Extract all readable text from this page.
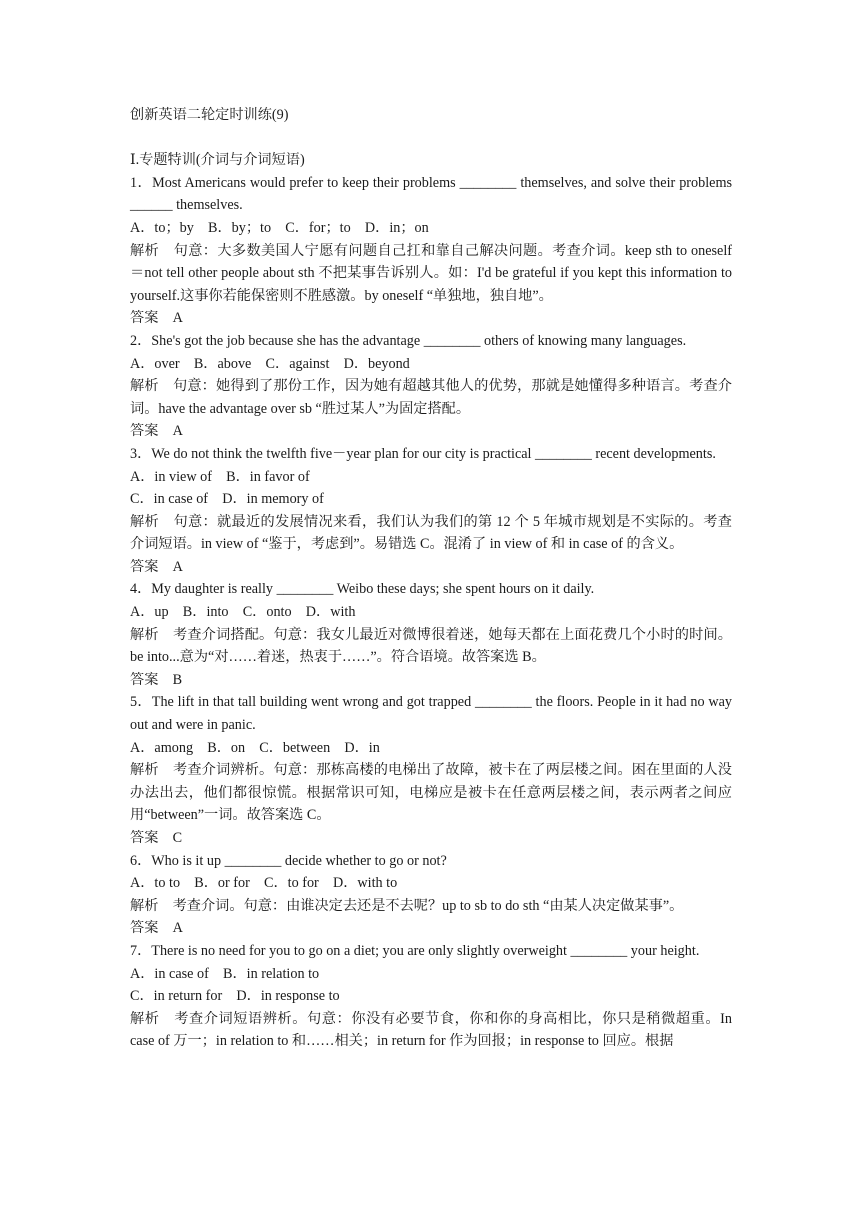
创新英语二轮定时训练(9)

Ⅰ.专题特训(介词与介词短语)

1．Most Americans would prefer to keep their problems ________ themselves, and solve their problems ______ themselves.

A．to；by　B．by；to　C．for；to　D．in；on

解析　句意：大多数美国人宁愿有问题自己扛和靠自己解决问题。考查介词。keep sth to oneself＝not tell other people about sth 不把某事告诉别人。如：I'd be grateful if you kept this information to yourself.这事你若能保密则不胜感激。by oneself “单独地，独自地”。

答案　A

2．She's got the job because she has the advantage ________ others of knowing many languages.

A．over　B．above　C．against　D．beyond

解析　句意：她得到了那份工作，因为她有超越其他人的优势，那就是她懂得多种语言。考查介词。have the advantage over sb “胜过某人”为固定搭配。

答案　A

3．We do not think the twelfth five－year plan for our city is practical ________ recent developments.

A．in view of　B．in favor of

C．in case of　D．in memory of

解析　句意：就最近的发展情况来看，我们认为我们的第 12 个 5 年城市规划是不实际的。考查介词短语。in view of “鉴于，考虑到”。易错选 C。混淆了 in view of 和 in case of 的含义。

答案　A

4．My daughter is really ________ Weibo these days; she spent hours on it daily.

A．up　B．into　C．onto　D．with

解析　考查介词搭配。句意：我女儿最近对微博很着迷，她每天都在上面花费几个小时的时间。be into...意为“对……着迷，热衷于……”。符合语境。故答案选 B。

答案　B

5．The lift in that tall building went wrong and got trapped ________ the floors. People in it had no way out and were in panic.

A．among　B．on　C．between　D．in

解析　考查介词辨析。句意：那栋高楼的电梯出了故障，被卡在了两层楼之间。困在里面的人没办法出去，他们都很惊慌。根据常识可知，电梯应是被卡在任意两层楼之间，表示两者之间应用“between”一词。故答案选 C。

答案　C

6．Who is it up ________ decide whether to go or not?

A．to to　B．or for　C．to for　D．with to

解析　考查介词。句意：由谁决定去还是不去呢？up to sb to do sth “由某人决定做某事”。

答案　A

7．There is no need for you to go on a diet; you are only slightly overweight ________ your height.

A．in case of　B．in relation to

C．in return for　D．in response to

解析　考查介词短语辨析。句意：你没有必要节食，你和你的身高相比，你只是稍微超重。In case of 万一；in relation to 和……相关；in return for 作为回报；in response to 回应。根据
